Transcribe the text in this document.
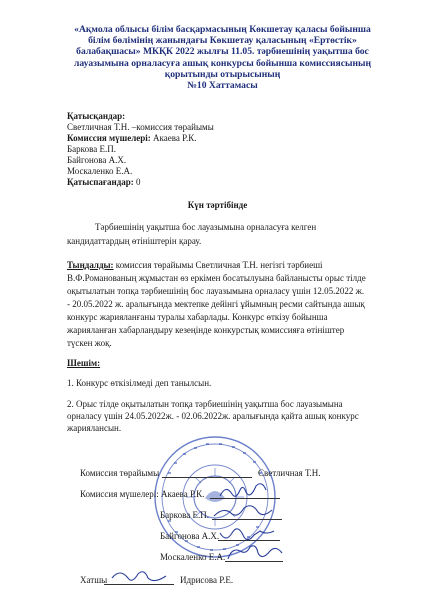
«Ақмола облысы білім басқармасының Көкшетау қаласы бойынша
білім бөлімінің жанындағы Көкшетау қаласының «Ертөстік»
балабақшасы» МКҚК 2022 жылғы 11.05. тәрбиешінің уақытша бос
лауазымына орналасуға ашық конкурсы бойынша комиссиясының
қорытынды отырысының
№10 Хаттамасы
Қатысқандар:
Светличная Т.Н. –комиссия төрайымы
Комиссия мүшелері: Акаева Р.К.
Баркова Е.П.
Байгонова А.Х.
Москаленко Е.А.
Қатыспағандар: 0
Күн тәртібінде
Тәрбиешінің уақытша бос лауазымына орналасуға келген
кандидаттардың өтініштерін қарау.
Тыңдалды: комиссия төрайымы Светличная Т.Н. негізгі тәрбиеші
В.Ф.Романованың жұмыстан өз еркімен босатылуына байланысты орыс тілде
оқытылатын топқа тәрбиешінің бос лауазымына орналасу үшін 12.05.2022 ж.
- 20.05.2022 ж. аралығында мектепке дейінгі ұйымның ресми сайтында ашық
конкурс жарияланғаны туралы хабарлады. Конкурс өткізу бойынша
жарияланған хабарландыру кезеңінде конкурстық комиссияға өтініштер
түскен жоқ.
Шешім:
1. Конкурс өткізілмеді деп танылсын.
2. Орыс тілде оқытылатын топқа тәрбиешінің уақытша бос лауазымына
орналасу үшін 24.05.2022ж. - 02.06.2022ж. аралығында қайта ашық конкурс
жариялансын.
Комиссия төрайымы	Светличная Т.Н.
Комиссия мүшелері: Акаева Р.К.
Баркова Е.П.
Байгонова А.Х.
Москаленко Е.А.
Хатшы	Идрисова Р.Е.
